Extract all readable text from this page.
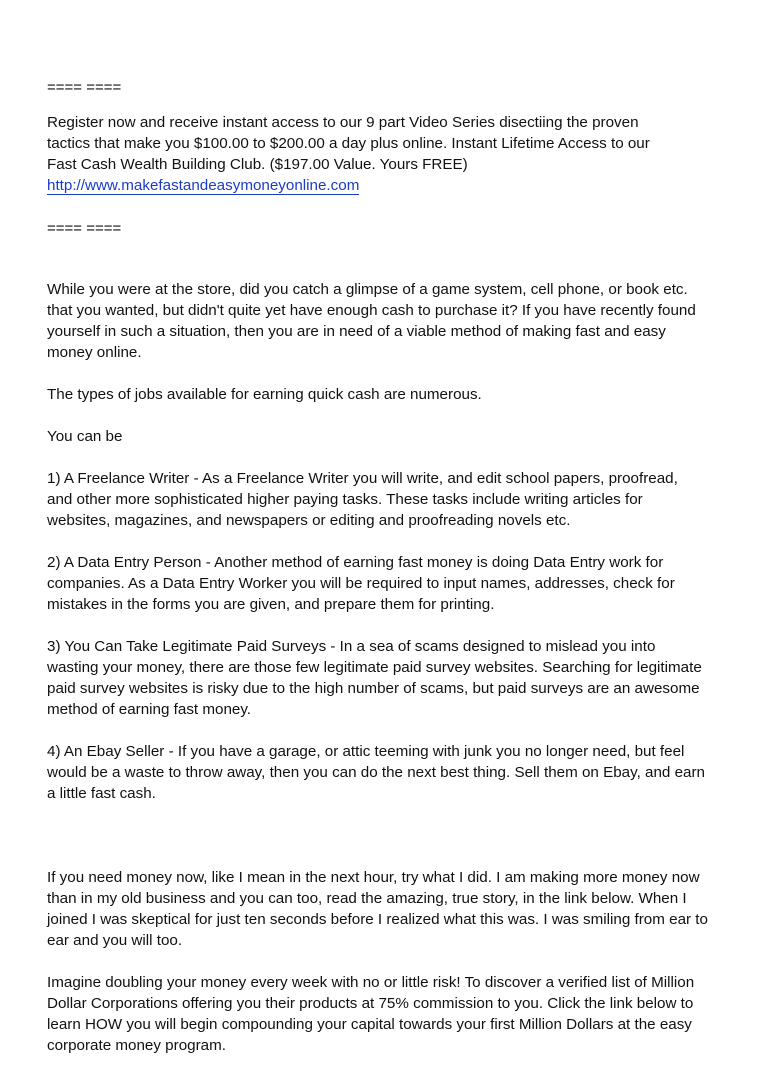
==== ====

Register now and receive instant access to our 9 part Video Series disectiing the proven

tactics that make you $100.00 to $200.00 a day plus online. Instant Lifetime Access to our

Fast Cash Wealth Building Club. ($197.00 Value. Yours FREE)

http://www.makefastandeasymoneyonline.com

==== ====

While you were at the store, did you catch a glimpse of a game system, cell phone, or book etc.

that you wanted, but didn't quite yet have enough cash to purchase it? If you have recently found

yourself in such a situation, then you are in need of a viable method of making fast and easy

money online.

The types of jobs available for earning quick cash are numerous.

You can be

1) A Freelance Writer - As a Freelance Writer you will write, and edit school papers, proofread,

and other more sophisticated higher paying tasks. These tasks include writing articles for

websites, magazines, and newspapers or editing and proofreading novels etc.

2) A Data Entry Person - Another method of earning fast money is doing Data Entry work for

companies. As a Data Entry Worker you will be required to input names, addresses, check for

mistakes in the forms you are given, and prepare them for printing.

3) You Can Take Legitimate Paid Surveys - In a sea of scams designed to mislead you into

wasting your money, there are those few legitimate paid survey websites. Searching for legitimate

paid survey websites is risky due to the high number of scams, but paid surveys are an awesome

method of earning fast money.

4) An Ebay Seller - If you have a garage, or attic teeming with junk you no longer need, but feel

would be a waste to throw away, then you can do the next best thing. Sell them on Ebay, and earn

a little fast cash.

If you need money now, like I mean in the next hour, try what I did. I am making more money now

than in my old business and you can too, read the amazing, true story, in the link below. When I

joined I was skeptical for just ten seconds before I realized what this was. I was smiling from ear to

ear and you will too.

Imagine doubling your money every week with no or little risk! To discover a verified list of Million

Dollar Corporations offering you their products at 75% commission to you. Click the link below to

learn HOW you will begin compounding your capital towards your first Million Dollars at the easy

corporate money program.
